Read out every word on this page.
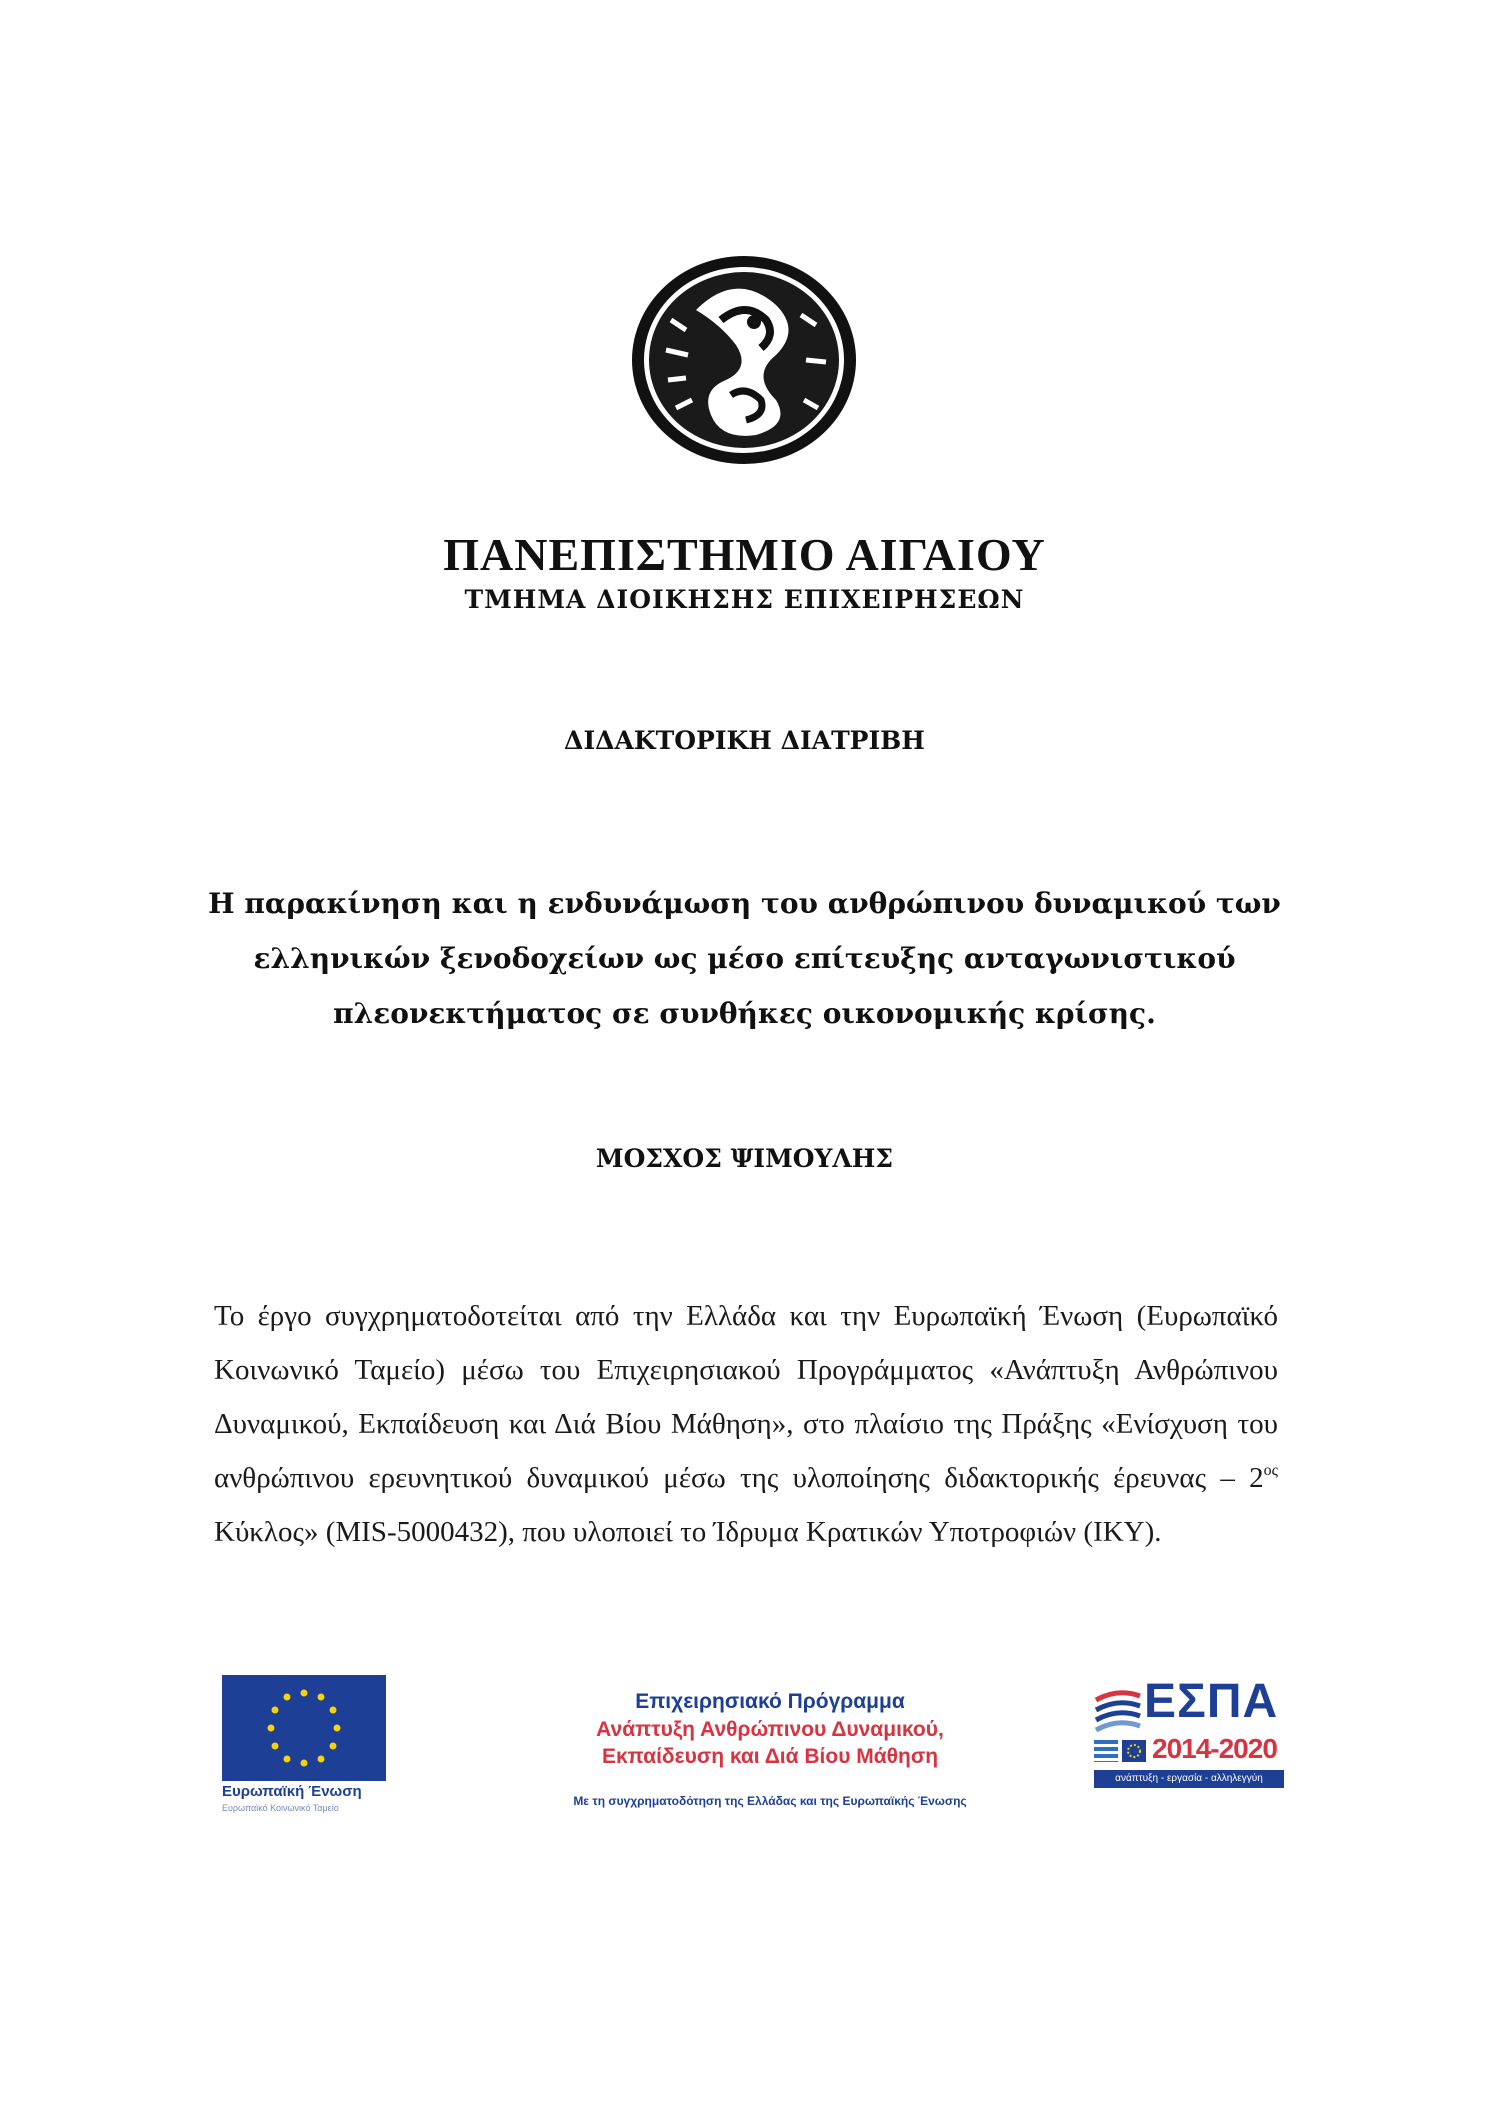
ΠΑΝΕΠΙΣΤΗΜΙΟ ΑΙΓΑΙΟΥ
ΤΜΗΜΑ ΔΙΟΙΚΗΣΗΣ ΕΠΙΧΕΙΡΗΣΕΩΝ
ΔΙΔΑΚΤΟΡΙΚΗ ΔΙΑΤΡΙΒΗ
Η παρακίνηση και η ενδυνάμωση του ανθρώπινου δυναμικού των
ελληνικών ξενοδοχείων ως μέσο επίτευξης ανταγωνιστικού
πλεονεκτήματος σε συνθήκες οικονομικής κρίσης.
ΜΟΣΧΟΣ ΨΙΜΟΥΛΗΣ
Το έργο συγχρηματοδοτείται από την Ελλάδα και την Ευρωπαϊκή Ένωση (Ευρωπαϊκό Κοινωνικό Ταμείο) μέσω του Επιχειρησιακού Προγράμματος «Ανάπτυξη Ανθρώπινου Δυναμικού, Εκπαίδευση και Διά Βίου Μάθηση», στο πλαίσιο της Πράξης «Ενίσχυση του ανθρώπινου ερευνητικού δυναμικού μέσω της υλοποίησης διδακτορικής έρευνας – $2^{o\varsigma}$ Κύκλος» (MIS-5000432), που υλοποιεί το Ίδρυμα Κρατικών Υποτροφιών (ΙΚΥ).
Ευρωπαϊκή Ένωση
Ευρωπαϊκό Κοινωνικό Ταμείο
Επιχειρησιακό Πρόγραμμα
Ανάπτυξη Ανθρώπινου Δυναμικού,
Εκπαίδευση και Διά Βίου Μάθηση
Με τη συγχρηματοδότηση της Ελλάδας και της Ευρωπαϊκής Ένωσης
ΕΣΠΑ
2014-2020
ανάπτυξη - εργασία - αλληλεγγύη
